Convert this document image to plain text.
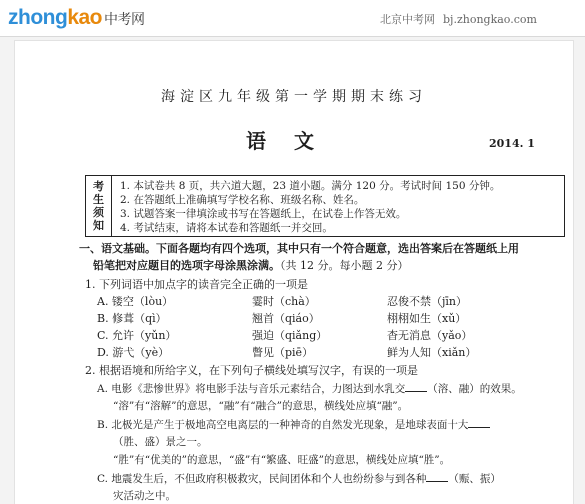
zhongkao 中考网	北京中考网 bj.zhongkao.com
海淀区九年级第一学期期末练习
语文	2014. 1
考
生
须
知
1. 本试卷共 8 页，共六道大题，23 道小题。满分 120 分。考试时间 150 分钟。
2. 在答题纸上准确填写学校名称、班级名称、姓名。
3. 试题答案一律填涂或书写在答题纸上，在试卷上作答无效。
4. 考试结束，请将本试卷和答题纸一并交回。
一、语文基础。下面各题均有四个选项，其中只有一个符合题意，选出答案后在答题纸上用
铅笔把对应题目的选项字母涂黑涂满。（共 12 分。每小题 2 分）
1. 下列词语中加点字的读音完全正确的一项是
A. 镂空（lòu）	霎时（chà）	忍俊不禁（jīn）
B. 修葺（qì）	翘首（qiáo）	栩栩如生（xǔ）
C. 允许（yǔn）	强迫（qiǎng）	杳无消息（yǎo）
D. 游弋（yè）	瞥见（piē）	鲜为人知（xiǎn）
2. 根据语境和所给字义，在下列句子横线处填写汉字，有误的一项是
A. 电影《悲惨世界》将电影手法与音乐元素结合，力图达到水乳交 （溶、融）的效果。
“溶”有“溶解”的意思，“融”有“融合”的意思，横线处应填“融”。
B. 北极光是产生于极地高空电离层的一种神奇的自然发光现象，是地球表面十大
（胜、盛）景之一。
“胜”有“优美的”的意思，“盛”有“繁盛、旺盛”的意思，横线处应填“胜”。
C. 地震发生后，不但政府积极救灾，民间团体和个人也纷纷参与到各种 （赈、振）
灾活动之中。
